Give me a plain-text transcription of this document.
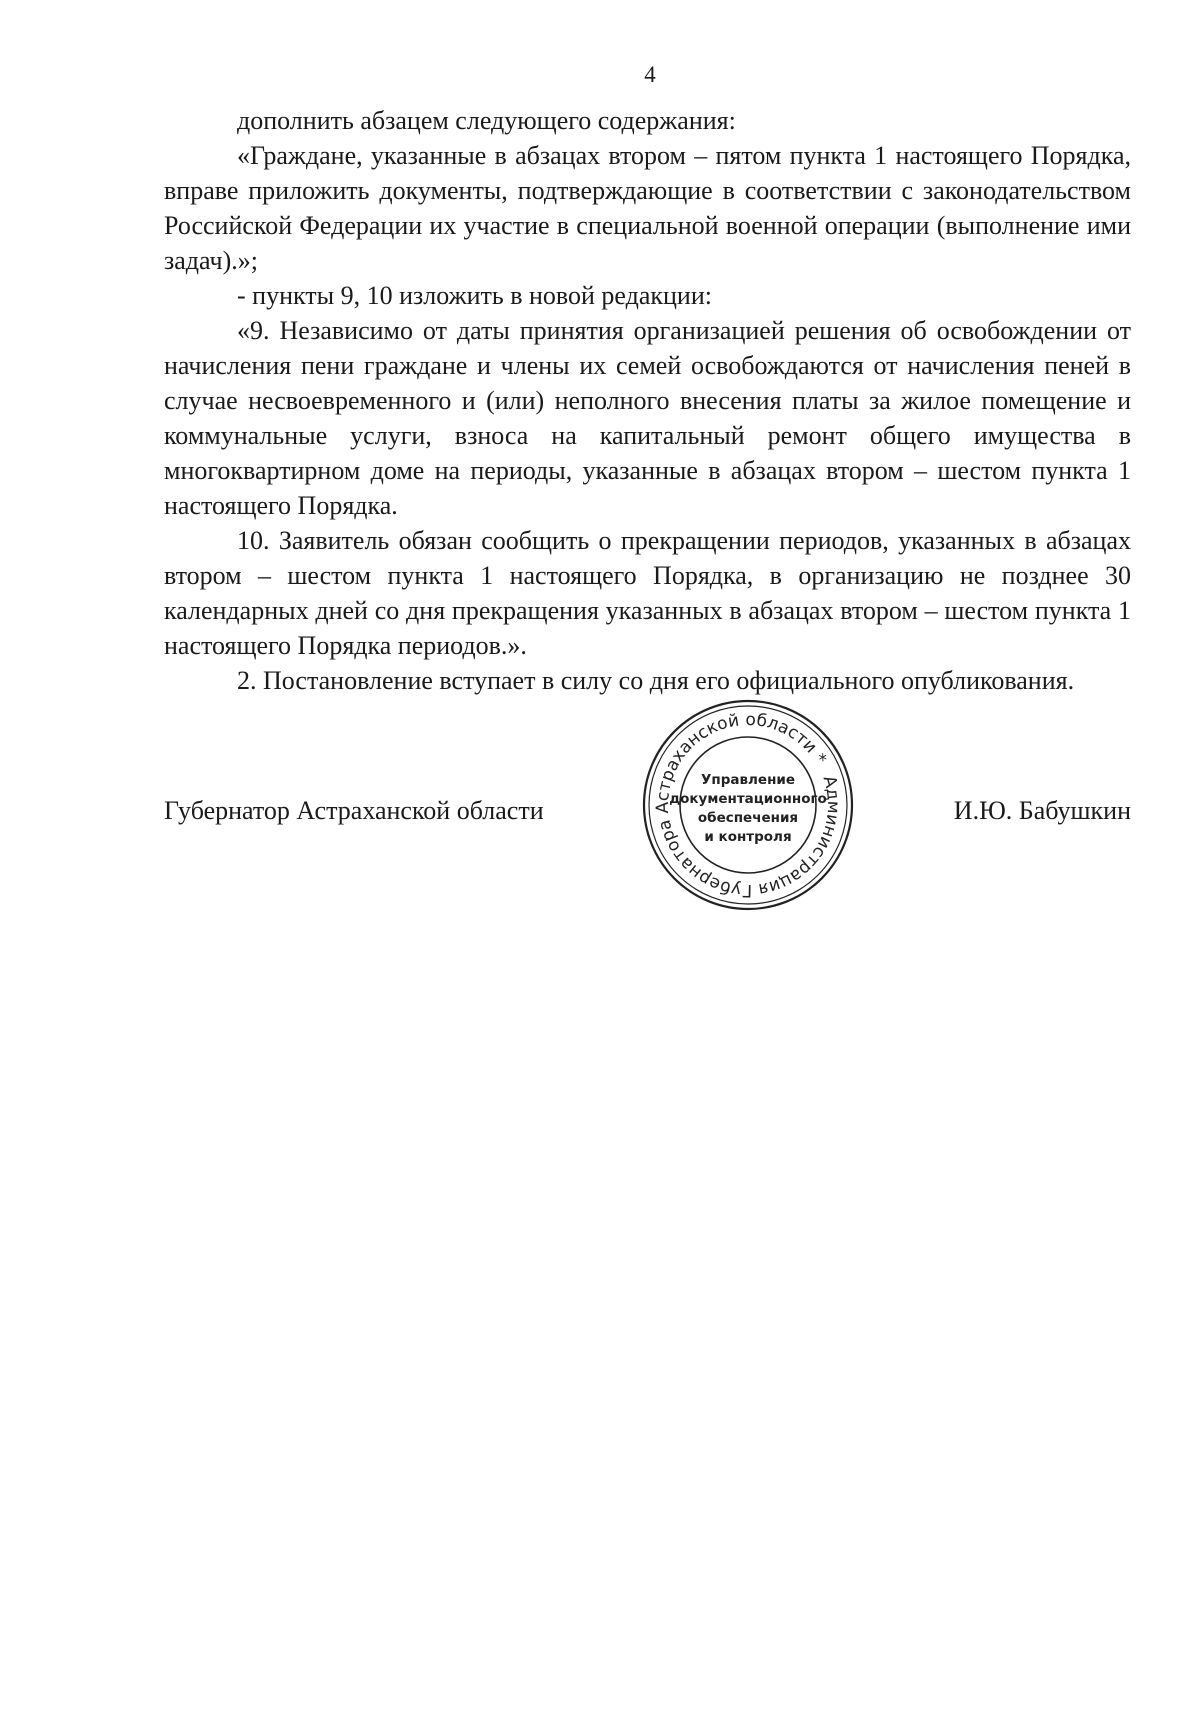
4

дополнить абзацем следующего содержания:

«Граждане, указанные в абзацах втором – пятом пункта 1 настоящего Порядка, вправе приложить документы, подтверждающие в соответствии с законодательством Российской Федерации их участие в специальной военной операции (выполнение ими задач).»;

- пункты 9, 10 изложить в новой редакции:

«9. Независимо от даты принятия организацией решения об освобождении от начисления пени граждане и члены их семей освобождаются от начисления пеней в случае несвоевременного и (или) неполного внесения платы за жилое помещение и коммунальные услуги, взноса на капитальный ремонт общего имущества в многоквартирном доме на периоды, указанные в абзацах втором – шестом пункта 1 настоящего Порядка.

10. Заявитель обязан сообщить о прекращении периодов, указанных в абзацах втором – шестом пункта 1 настоящего Порядка, в организацию не позднее 30 календарных дней со дня прекращения указанных в абзацах втором – шестом пункта 1 настоящего Порядка периодов.».

2. Постановление вступает в силу со дня его официального опубликования.

Губернатор Астраханской области	И.Ю. Бабушкин
Администрация Губернатора Астраханской области *
Управление
документационного
обеспечения
и контроля
